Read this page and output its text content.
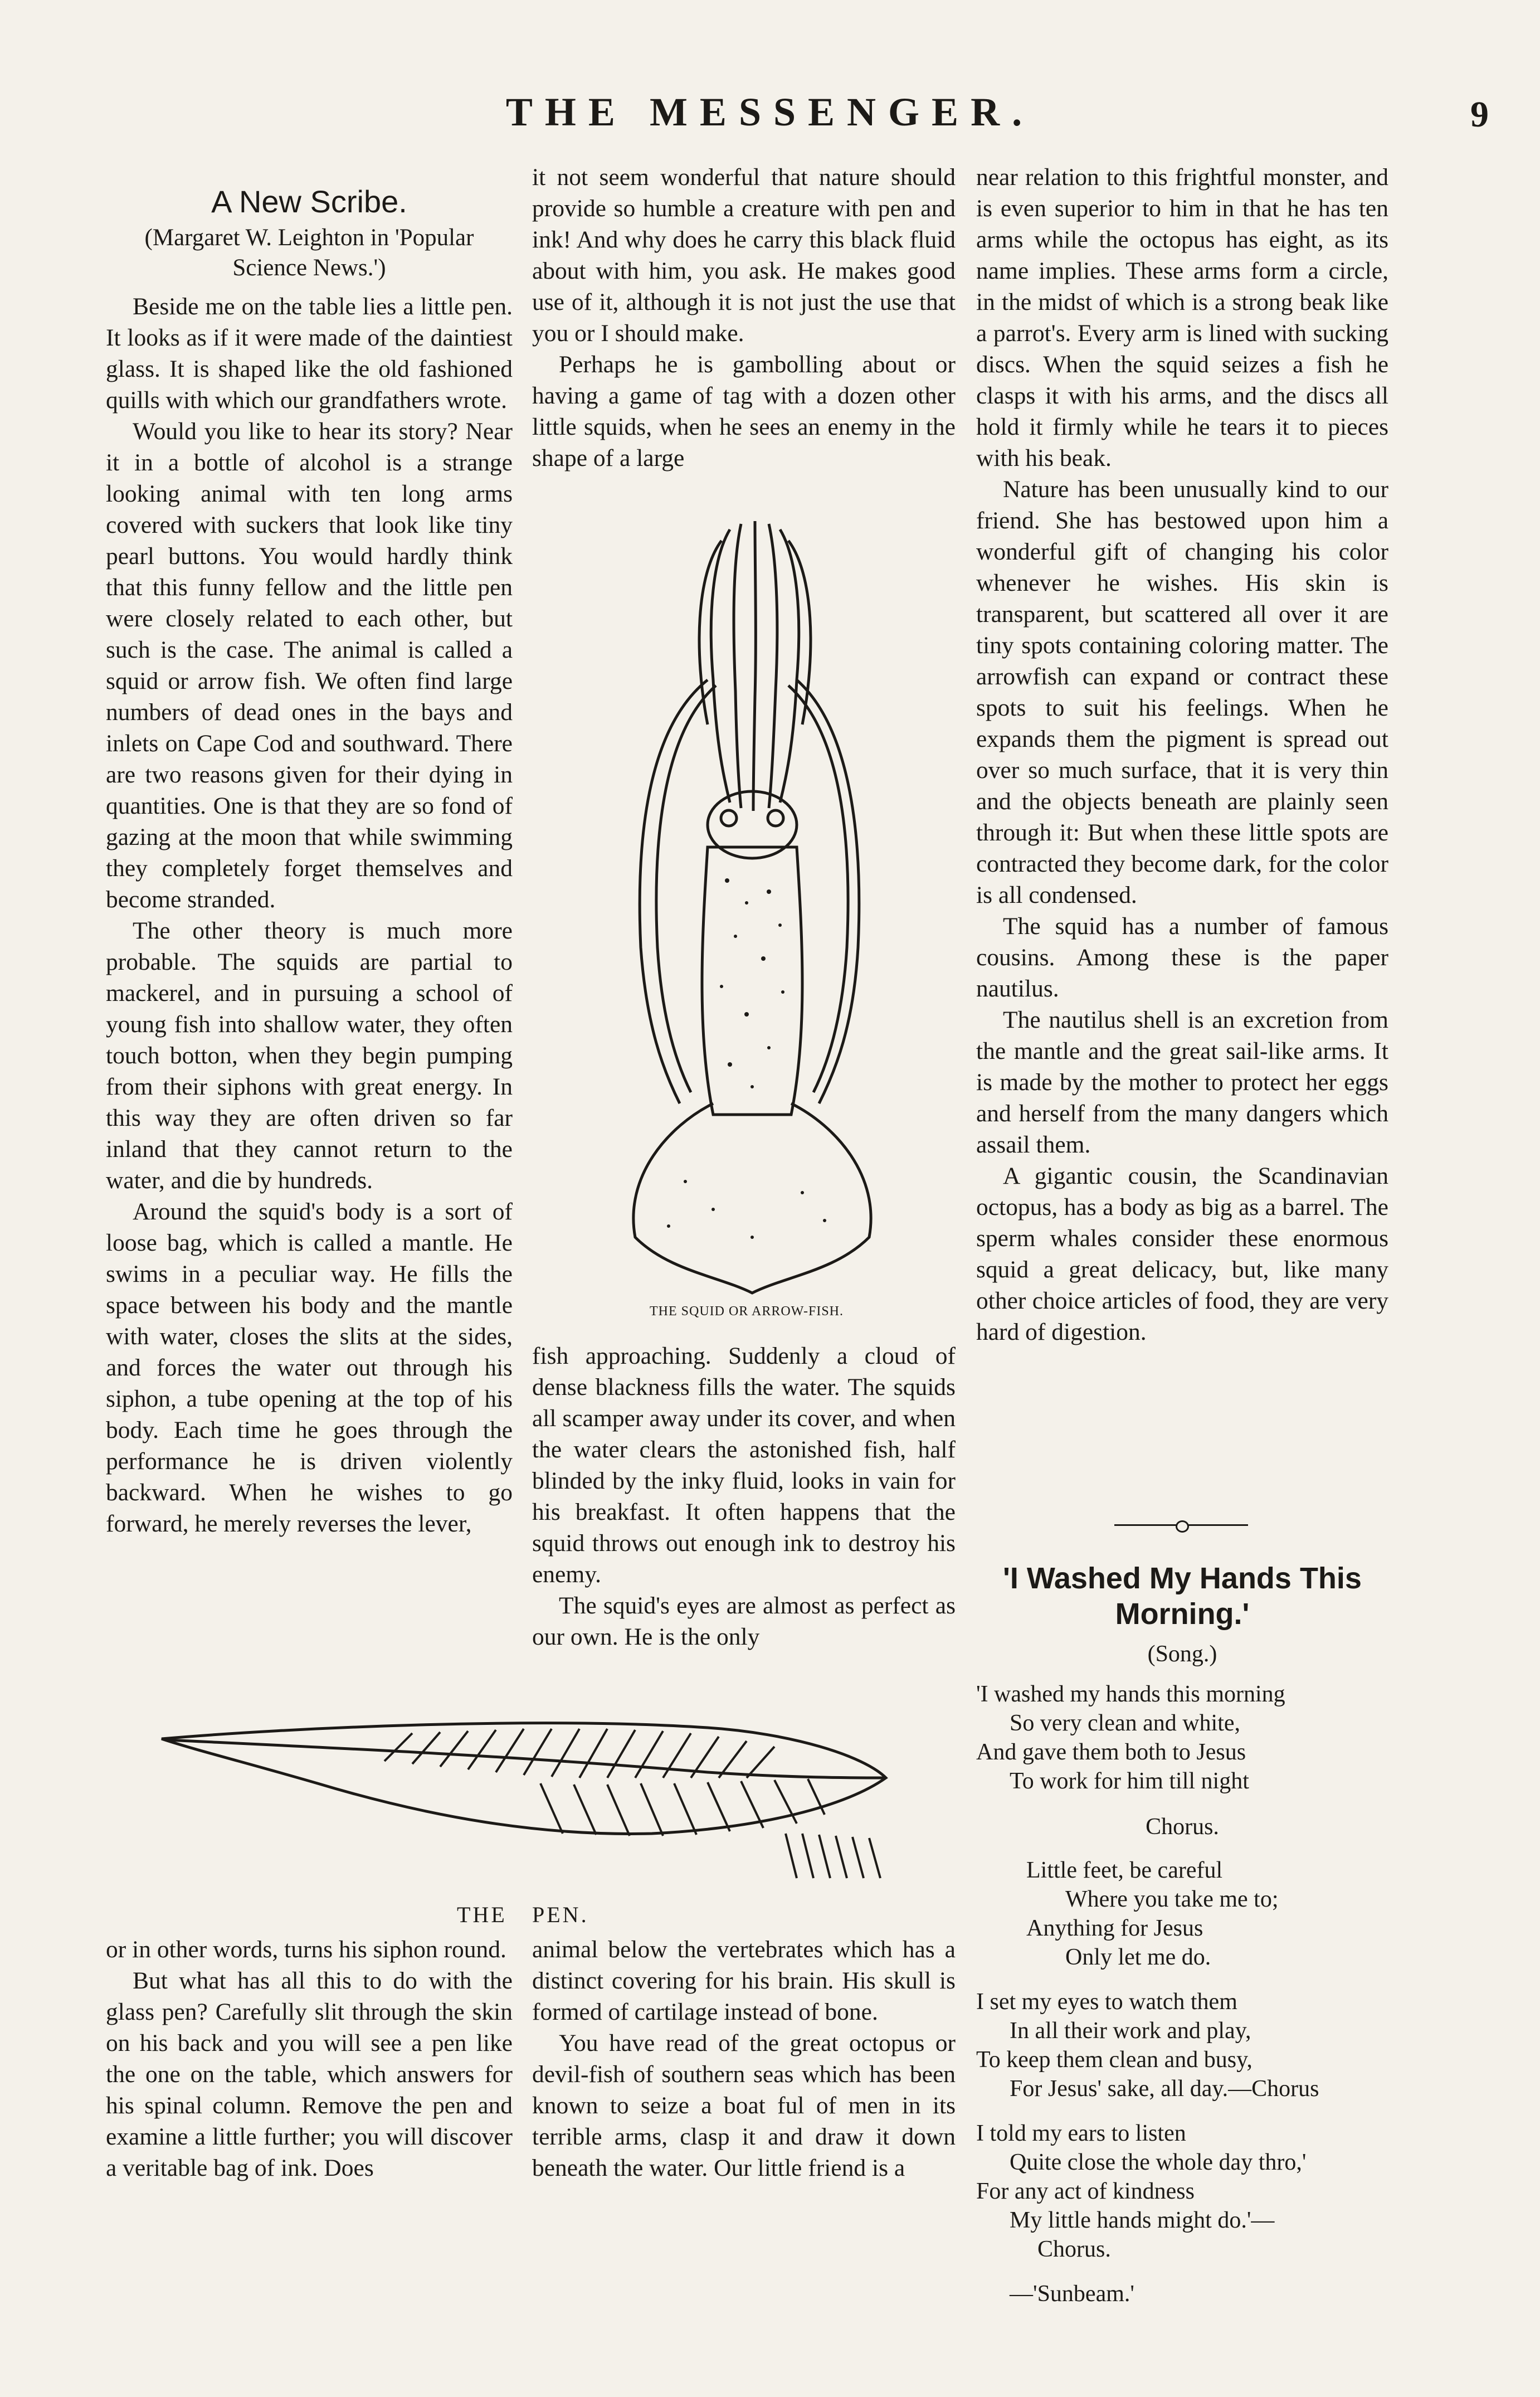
THE MESSENGER.	9
A New Scribe.
(Margaret W. Leighton in 'Popular Science News.')

Beside me on the table lies a little pen. It looks as if it were made of the daintiest glass. It is shaped like the old fashioned quills with which our grandfathers wrote.

Would you like to hear its story? Near it in a bottle of alcohol is a strange looking animal with ten long arms covered with suckers that look like tiny pearl buttons. You would hardly think that this funny fellow and the little pen were closely related to each other, but such is the case. The animal is called a squid or arrow fish. We often find large numbers of dead ones in the bays and inlets on Cape Cod and southward. There are two reasons given for their dying in quantities. One is that they are so fond of gazing at the moon that while swimming they completely forget themselves and become stranded.

The other theory is much more probable. The squids are partial to mackerel, and in pursuing a school of young fish into shallow water, they often touch botton, when they begin pumping from their siphons with great energy. In this way they are often driven so far inland that they cannot return to the water, and die by hundreds.

Around the squid's body is a sort of loose bag, which is called a mantle. He swims in a peculiar way. He fills the space between his body and the mantle with water, closes the slits at the sides, and forces the water out through his siphon, a tube opening at the top of his body. Each time he goes through the performance he is driven violently backward. When he wishes to go forward, he merely reverses the lever,

it not seem wonderful that nature should provide so humble a creature with pen and ink! And why does he carry this black fluid about with him, you ask. He makes good use of it, although it is not just the use that you or I should make.

Perhaps he is gambolling about or having a game of tag with a dozen other little squids, when he sees an enemy in the shape of a large

THE SQUID OR ARROW-FISH.

fish approaching. Suddenly a cloud of dense blackness fills the water. The squids all scamper away under its cover, and when the water clears the astonished fish, half blinded by the inky fluid, looks in vain for his breakfast. It often happens that the squid throws out enough ink to destroy his enemy.

The squid's eyes are almost as perfect as our own. He is the only

near relation to this frightful monster, and is even superior to him in that he has ten arms while the octopus has eight, as its name implies. These arms form a circle, in the midst of which is a strong beak like a parrot's. Every arm is lined with sucking discs. When the squid seizes a fish he clasps it with his arms, and the discs all hold it firmly while he tears it to pieces with his beak.

Nature has been unusually kind to our friend. She has bestowed upon him a wonderful gift of changing his color whenever he wishes. His skin is transparent, but scattered all over it are tiny spots containing coloring matter. The arrowfish can expand or contract these spots to suit his feelings. When he expands them the pigment is spread out over so much surface, that it is very thin and the objects beneath are plainly seen through it: But when these little spots are contracted they become dark, for the color is all condensed.

The squid has a number of famous cousins. Among these is the paper nautilus.

The nautilus shell is an excretion from the mantle and the great sail-like arms. It is made by the mother to protect her eggs and herself from the many dangers which assail them.

A gigantic cousin, the Scandinavian octopus, has a body as big as a barrel. The sperm whales consider these enormous squid a great delicacy, but, like many other choice articles of food, they are very hard of digestion.

'I Washed My Hands This Morning.'
(Song.)
'I washed my hands this morning
So very clean and white,
And gave them both to Jesus
To work for him till night
Chorus.
Little feet, be careful
Where you take me to;
Anything for Jesus
Only let me do.
I set my eyes to watch them
In all their work and play,
To keep them clean and busy,
For Jesus' sake, all day.—Chorus
I told my ears to listen
Quite close the whole day thro,'
For any act of kindness
My little hands might do.'—
Chorus.
—'Sunbeam.'
THE PEN.

or in other words, turns his siphon round.

But what has all this to do with the glass pen? Carefully slit through the skin on his back and you will see a pen like the one on the table, which answers for his spinal column. Remove the pen and examine a little further; you will discover a veritable bag of ink. Does

animal below the vertebrates which has a distinct covering for his brain. His skull is formed of cartilage instead of bone.

You have read of the great octopus or devil-fish of southern seas which has been known to seize a boat ful of men in its terrible arms, clasp it and draw it down beneath the water. Our little friend is a
